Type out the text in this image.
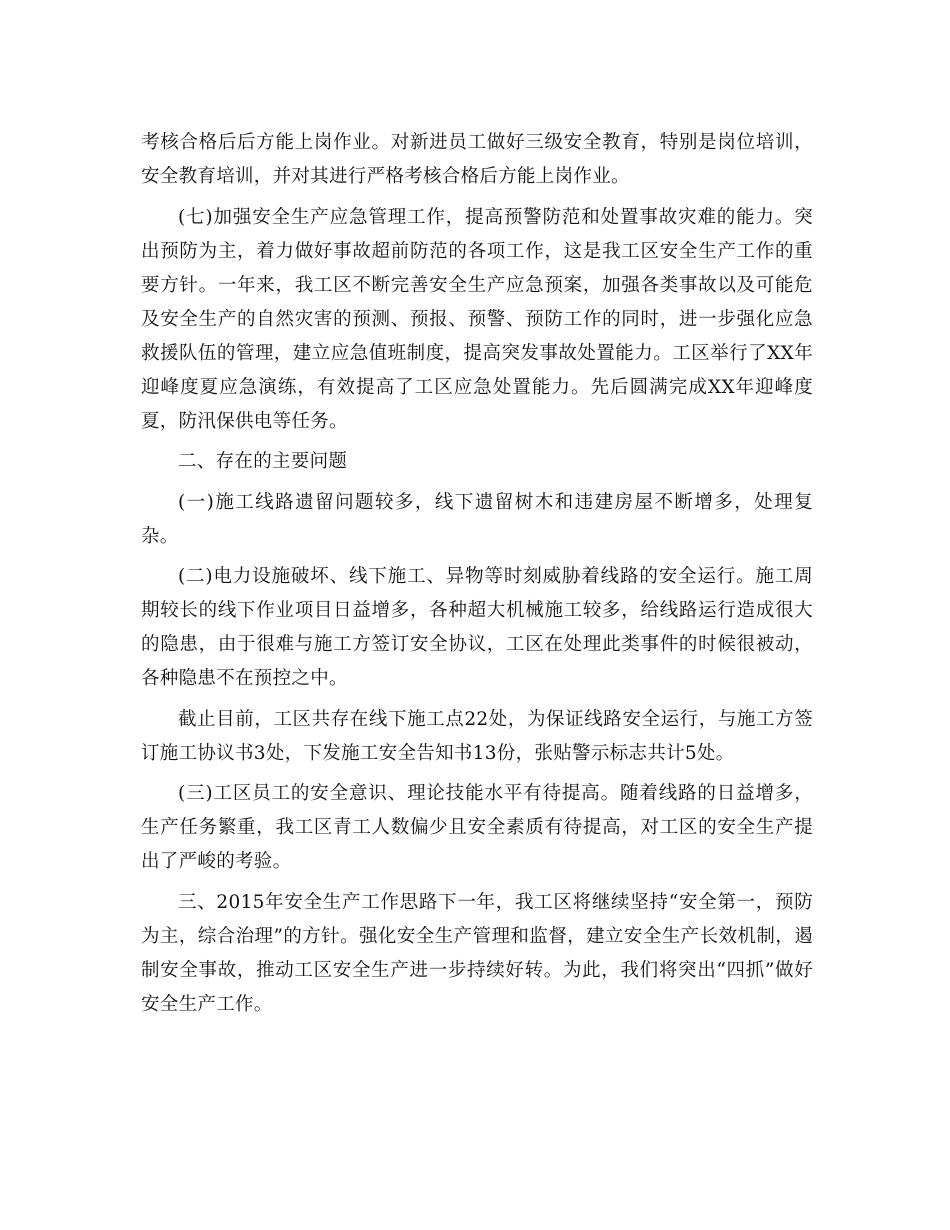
考核合格后后方能上岗作业。对新进员工做好三级安全教育，特别是岗位培训，安全教育培训，并对其进行严格考核合格后方能上岗作业。

(七)加强安全生产应急管理工作，提高预警防范和处置事故灾难的能力。突出预防为主，着力做好事故超前防范的各项工作，这是我工区安全生产工作的重要方针。一年来，我工区不断完善安全生产应急预案，加强各类事故以及可能危及安全生产的自然灾害的预测、预报、预警、预防工作的同时，进一步强化应急救援队伍的管理，建立应急值班制度，提高突发事故处置能力。工区举行了XX年迎峰度夏应急演练，有效提高了工区应急处置能力。先后圆满完成XX年迎峰度夏，防汛保供电等任务。

二、存在的主要问题

(一)施工线路遗留问题较多，线下遗留树木和违建房屋不断增多，处理复杂。

(二)电力设施破坏、线下施工、异物等时刻威胁着线路的安全运行。施工周期较长的线下作业项目日益增多，各种超大机械施工较多，给线路运行造成很大的隐患，由于很难与施工方签订安全协议，工区在处理此类事件的时候很被动，各种隐患不在预控之中。

截止目前，工区共存在线下施工点22处，为保证线路安全运行，与施工方签订施工协议书3处，下发施工安全告知书13份，张贴警示标志共计5处。

(三)工区员工的安全意识、理论技能水平有待提高。随着线路的日益增多，生产任务繁重，我工区青工人数偏少且安全素质有待提高，对工区的安全生产提出了严峻的考验。

三、2015年安全生产工作思路下一年，我工区将继续坚持“安全第一，预防为主，综合治理”的方针。强化安全生产管理和监督，建立安全生产长效机制，遏制安全事故，推动工区安全生产进一步持续好转。为此，我们将突出“四抓”做好安全生产工作。
